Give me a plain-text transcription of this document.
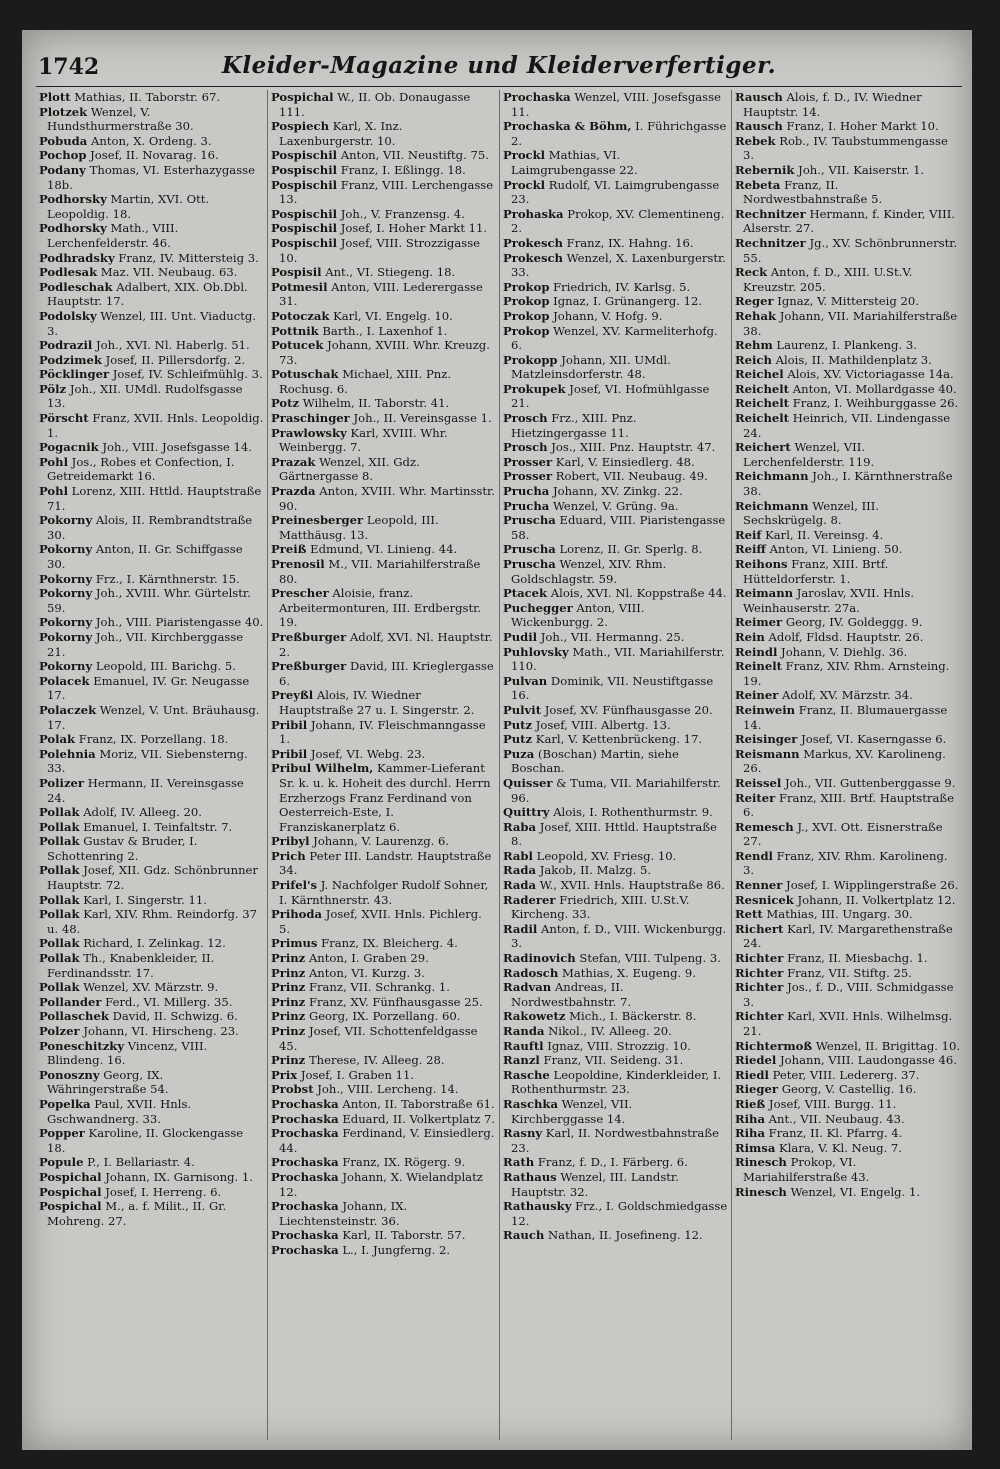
1742	Kleider-Magazine und Kleiderverfertiger.
Plott Mathias, II. Taborstr. 67.
Plotzek Wenzel, V. Hundsthurmerstraße 30.
Pobuda Anton, X. Ordeng. 3.
Pochop Josef, II. Novarag. 16.
Podany Thomas, VI. Esterhazygasse 18b.
Podhorsky Martin, XVI. Ott. Leopoldig. 18.
Podhorsky Math., VIII. Lerchenfelderstr. 46.
Podhradsky Franz, IV. Mittersteig 3.
Podlesak Maz. VII. Neubaug. 63.
Podleschak Adalbert, XIX. Ob.Dbl. Hauptstr. 17.
Podolsky Wenzel, III. Unt. Viaductg. 3.
Podrazil Joh., XVI. Nl. Haberlg. 51.
Podzimek Josef, II. Pillersdorfg. 2.
Pöcklinger Josef, IV. Schleifmühlg. 3.
Pölz Joh., XII. UMdl. Rudolfsgasse 13.
Pörscht Franz, XVII. Hnls. Leopoldig. 1.
Pogacnik Joh., VIII. Josefsgasse 14.
Pohl Jos., Robes et Confection, I. Getreidemarkt 16.
Pohl Lorenz, XIII. Httld. Hauptstraße 71.
Pokorny Alois, II. Rembrandtstraße 30.
Pokorny Anton, II. Gr. Schiffgasse 30.
Pokorny Frz., I. Kärnthnerstr. 15.
Pokorny Joh., XVIII. Whr. Gürtelstr. 59.
Pokorny Joh., VIII. Piaristengasse 40.
Pokorny Joh., VII. Kirchberggasse 21.
Pokorny Leopold, III. Barichg. 5.
Polacek Emanuel, IV. Gr. Neugasse 17.
Polaczek Wenzel, V. Unt. Bräuhausg. 17.
Polak Franz, IX. Porzellang. 18.
Polehnia Moriz, VII. Siebensterng. 33.
Polizer Hermann, II. Vereinsgasse 24.
Pollak Adolf, IV. Alleeg. 20.
Pollak Emanuel, I. Teinfaltstr. 7.
Pollak Gustav & Bruder, I. Schottenring 2.
Pollak Josef, XII. Gdz. Schönbrunner Hauptstr. 72.
Pollak Karl, I. Singerstr. 11.
Pollak Karl, XIV. Rhm. Reindorfg. 37 u. 48.
Pollak Richard, I. Zelinkag. 12.
Pollak Th., Knabenkleider, II. Ferdinandsstr. 17.
Pollak Wenzel, XV. Märzstr. 9.
Pollander Ferd., VI. Millerg. 35.
Pollaschek David, II. Schwizg. 6.
Polzer Johann, VI. Hirscheng. 23.
Poneschitzky Vincenz, VIII. Blindeng. 16.
Ponoszny Georg, IX. Währingerstraße 54.
Popelka Paul, XVII. Hnls. Gschwandnerg. 33.
Popper Karoline, II. Glockengasse 18.
Popule P., I. Bellariastr. 4.
Pospichal Johann, IX. Garnisong. 1.
Pospichal Josef, I. Herreng. 6.
Pospichal M., a. f. Milit., II. Gr. Mohreng. 27.
Pospichal W., II. Ob. Donaugasse 111.
Pospiech Karl, X. Inz. Laxenburgerstr. 10.
Pospischil Anton, VII. Neustiftg. 75.
Pospischil Franz, I. Eßlingg. 18.
Pospischil Franz, VIII. Lerchengasse 13.
Pospischil Joh., V. Franzensg. 4.
Pospischil Josef, I. Hoher Markt 11.
Pospischil Josef, VIII. Strozzigasse 10.
Pospisil Ant., VI. Stiegeng. 18.
Potmesil Anton, VIII. Lederergasse 31.
Potoczak Karl, VI. Engelg. 10.
Pottnik Barth., I. Laxenhof 1.
Potucek Johann, XVIII. Whr. Kreuzg. 73.
Potuschak Michael, XIII. Pnz. Rochusg. 6.
Potz Wilhelm, II. Taborstr. 41.
Praschinger Joh., II. Vereinsgasse 1.
Prawlowsky Karl, XVIII. Whr. Weinbergg. 7.
Prazak Wenzel, XII. Gdz. Gärtnergasse 8.
Prazda Anton, XVIII. Whr. Martinsstr. 90.
Preinesberger Leopold, III. Matthäusg. 13.
Preiß Edmund, VI. Linieng. 44.
Prenosil M., VII. Mariahilferstraße 80.
Prescher Aloisie, franz. Arbeitermonturen, III. Erdbergstr. 19.
Preßburger Adolf, XVI. Nl. Hauptstr. 2.
Preßburger David, III. Krieglergasse 6.
Preyßl Alois, IV. Wiedner Hauptstraße 27 u. I. Singerstr. 2.
Pribil Johann, IV. Fleischmanngasse 1.
Pribil Josef, VI. Webg. 23.
Pribul Wilhelm, Kammer-Lieferant Sr. k. u. k. Hoheit des durchl. Herrn Erzherzogs Franz Ferdinand von Oesterreich-Este, I. Franziskanerplatz 6.
Pribyl Johann, V. Laurenzg. 6.
Prich Peter III. Landstr. Hauptstraße 34.
Prifel's J. Nachfolger Rudolf Sohner, I. Kärnthnerstr. 43.
Prihoda Josef, XVII. Hnls. Pichlerg. 5.
Primus Franz, IX. Bleicherg. 4.
Prinz Anton, I. Graben 29.
Prinz Anton, VI. Kurzg. 3.
Prinz Franz, VII. Schrankg. 1.
Prinz Franz, XV. Fünfhausgasse 25.
Prinz Georg, IX. Porzellang. 60.
Prinz Josef, VII. Schottenfeldgasse 45.
Prinz Therese, IV. Alleeg. 28.
Prix Josef, I. Graben 11.
Probst Joh., VIII. Lercheng. 14.
Prochaska Anton, II. Taborstraße 61.
Prochaska Eduard, II. Volkertplatz 7.
Prochaska Ferdinand, V. Einsiedlerg. 44.
Prochaska Franz, IX. Rögerg. 9.
Prochaska Johann, X. Wielandplatz 12.
Prochaska Johann, IX. Liechtensteinstr. 36.
Prochaska Karl, II. Taborstr. 57.
Prochaska L., I. Jungferng. 2.
Prochaska Wenzel, VIII. Josefsgasse 11.
Prochaska & Böhm, I. Führichgasse 2.
Prockl Mathias, VI. Laimgrubengasse 22.
Prockl Rudolf, VI. Laimgrubengasse 23.
Prohaska Prokop, XV. Clementineng. 2.
Prokesch Franz, IX. Hahng. 16.
Prokesch Wenzel, X. Laxenburgerstr. 33.
Prokop Friedrich, IV. Karlsg. 5.
Prokop Ignaz, I. Grünangerg. 12.
Prokop Johann, V. Hofg. 9.
Prokop Wenzel, XV. Karmeliterhofg. 6.
Prokopp Johann, XII. UMdl. Matzleinsdorferstr. 48.
Prokupek Josef, VI. Hofmühlgasse 21.
Prosch Frz., XIII. Pnz. Hietzingergasse 11.
Prosch Jos., XIII. Pnz. Hauptstr. 47.
Prosser Karl, V. Einsiedlerg. 48.
Prosser Robert, VII. Neubaug. 49.
Prucha Johann, XV. Zinkg. 22.
Prucha Wenzel, V. Grüng. 9a.
Pruscha Eduard, VIII. Piaristengasse 58.
Pruscha Lorenz, II. Gr. Sperlg. 8.
Pruscha Wenzel, XIV. Rhm. Goldschlagstr. 59.
Ptacek Alois, XVI. Nl. Koppstraße 44.
Puchegger Anton, VIII. Wickenburgg. 2.
Pudil Joh., VII. Hermanng. 25.
Puhlovsky Math., VII. Mariahilferstr. 110.
Pulvan Dominik, VII. Neustiftgasse 16.
Pulvit Josef, XV. Fünfhausgasse 20.
Putz Josef, VIII. Albertg. 13.
Putz Karl, V. Kettenbrückeng. 17.
Puza (Boschan) Martin, siehe Boschan.
Quisser & Tuma, VII. Mariahilferstr. 96.
Quittry Alois, I. Rothenthurmstr. 9.
Raba Josef, XIII. Httld. Hauptstraße 8.
Rabl Leopold, XV. Friesg. 10.
Rada Jakob, II. Malzg. 5.
Rada W., XVII. Hnls. Hauptstraße 86.
Raderer Friedrich, XIII. U.St.V. Kircheng. 33.
Radil Anton, f. D., VIII. Wickenburgg. 3.
Radinovich Stefan, VIII. Tulpeng. 3.
Radosch Mathias, X. Eugeng. 9.
Radvan Andreas, II. Nordwestbahnstr. 7.
Rakowetz Mich., I. Bäckerstr. 8.
Randa Nikol., IV. Alleeg. 20.
Rauftl Ignaz, VIII. Strozzig. 10.
Ranzl Franz, VII. Seideng. 31.
Rasche Leopoldine, Kinderkleider, I. Rothenthurmstr. 23.
Raschka Wenzel, VII. Kirchberggasse 14.
Rasny Karl, II. Nordwestbahnstraße 23.
Rath Franz, f. D., I. Färberg. 6.
Rathaus Wenzel, III. Landstr. Hauptstr. 32.
Rathausky Frz., I. Goldschmiedgasse 12.
Rauch Nathan, II. Josefineng. 12.
Rausch Alois, f. D., IV. Wiedner Hauptstr. 14.
Rausch Franz, I. Hoher Markt 10.
Rebek Rob., IV. Taubstummengasse 3.
Rebernik Joh., VII. Kaiserstr. 1.
Rebeta Franz, II. Nordwestbahnstraße 5.
Rechnitzer Hermann, f. Kinder, VIII. Alserstr. 27.
Rechnitzer Jg., XV. Schönbrunnerstr. 55.
Reck Anton, f. D., XIII. U.St.V. Kreuzstr. 205.
Reger Ignaz, V. Mittersteig 20.
Rehak Johann, VII. Mariahilferstraße 38.
Rehm Laurenz, I. Plankeng. 3.
Reich Alois, II. Mathildenplatz 3.
Reichel Alois, XV. Victoriagasse 14a.
Reichelt Anton, VI. Mollardgasse 40.
Reichelt Franz, I. Weihburggasse 26.
Reichelt Heinrich, VII. Lindengasse 24.
Reichert Wenzel, VII. Lerchenfelderstr. 119.
Reichmann Joh., I. Kärnthnerstraße 38.
Reichmann Wenzel, III. Sechskrügelg. 8.
Reif Karl, II. Vereinsg. 4.
Reiff Anton, VI. Linieng. 50.
Reihons Franz, XIII. Brtf. Hütteldorferstr. 1.
Reimann Jaroslav, XVII. Hnls. Weinhauserstr. 27a.
Reimer Georg, IV. Goldeggg. 9.
Rein Adolf, Fldsd. Hauptstr. 26.
Reindl Johann, V. Diehlg. 36.
Reinelt Franz, XIV. Rhm. Arnsteing. 19.
Reiner Adolf, XV. Märzstr. 34.
Reinwein Franz, II. Blumauergasse 14.
Reisinger Josef, VI. Kaserngasse 6.
Reismann Markus, XV. Karolineng. 26.
Reissel Joh., VII. Guttenberggasse 9.
Reiter Franz, XIII. Brtf. Hauptstraße 6.
Remesch J., XVI. Ott. Eisnerstraße 27.
Rendl Franz, XIV. Rhm. Karolineng. 3.
Renner Josef, I. Wipplingerstraße 26.
Resnicek Johann, II. Volkertplatz 12.
Rett Mathias, III. Ungarg. 30.
Richert Karl, IV. Margarethenstraße 24.
Richter Franz, II. Miesbachg. 1.
Richter Franz, VII. Stiftg. 25.
Richter Jos., f. D., VIII. Schmidgasse 3.
Richter Karl, XVII. Hnls. Wilhelmsg. 21.
Richtermoß Wenzel, II. Brigittag. 10.
Riedel Johann, VIII. Laudongasse 46.
Riedl Peter, VIII. Ledererg. 37.
Rieger Georg, V. Castellig. 16.
Rieß Josef, VIII. Burgg. 11.
Riha Ant., VII. Neubaug. 43.
Riha Franz, II. Kl. Pfarrg. 4.
Rimsa Klara, V. Kl. Neug. 7.
Rinesch Prokop, VI. Mariahilferstraße 43.
Rinesch Wenzel, VI. Engelg. 1.
